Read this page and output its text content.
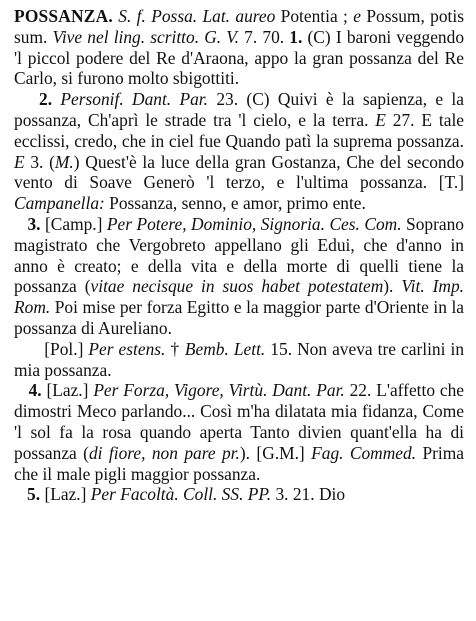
POSSANZA. S. f. Possa. Lat. aureo Potentia ; e Possum, potis sum. Vive nel ling. scritto. G. V. 7. 70. 1. (C) I baroni veggendo 'l piccol podere del Re d'Araona, appo la gran possanza del Re Carlo, si furono molto sbigottiti.

2. Personif. Dant. Par. 23. (C) Quivi è la sapienza, e la possanza, Ch'aprì le strade tra 'l cielo, e la terra. E 27. E tale ecclissi, credo, che in ciel fue Quando patì la suprema possanza. E 3. (M.) Quest'è la luce della gran Gostanza, Che del secondo vento di Soave Generò 'l terzo, e l'ultima possanza. [T.] Campanella: Possanza, senno, e amor, primo ente.

3. [Camp.] Per Potere, Dominio, Signoria. Ces. Com. Soprano magistrato che Vergobreto appellano gli Edui, che d'anno in anno è creato; e della vita e della morte di quelli tiene la possanza (vitae necisque in suos habet potestatem). Vit. Imp. Rom. Poi mise per forza Egitto e la maggior parte d'Oriente in la possanza di Aureliano.

[Pol.] Per estens. † Bemb. Lett. 15. Non aveva tre carlini in mia possanza.

4. [Laz.] Per Forza, Vigore, Virtù. Dant. Par. 22. L'affetto che dimostri Meco parlando... Così m'ha dilatata mia fidanza, Come 'l sol fa la rosa quando aperta Tanto divien quant'ella ha di possanza (di fiore, non pare pr.). [G.M.] Fag. Commed. Prima che il male pigli maggior possanza.

5. [Laz.] Per Facoltà. Coll. SS. PP. 3. 21. Dio
